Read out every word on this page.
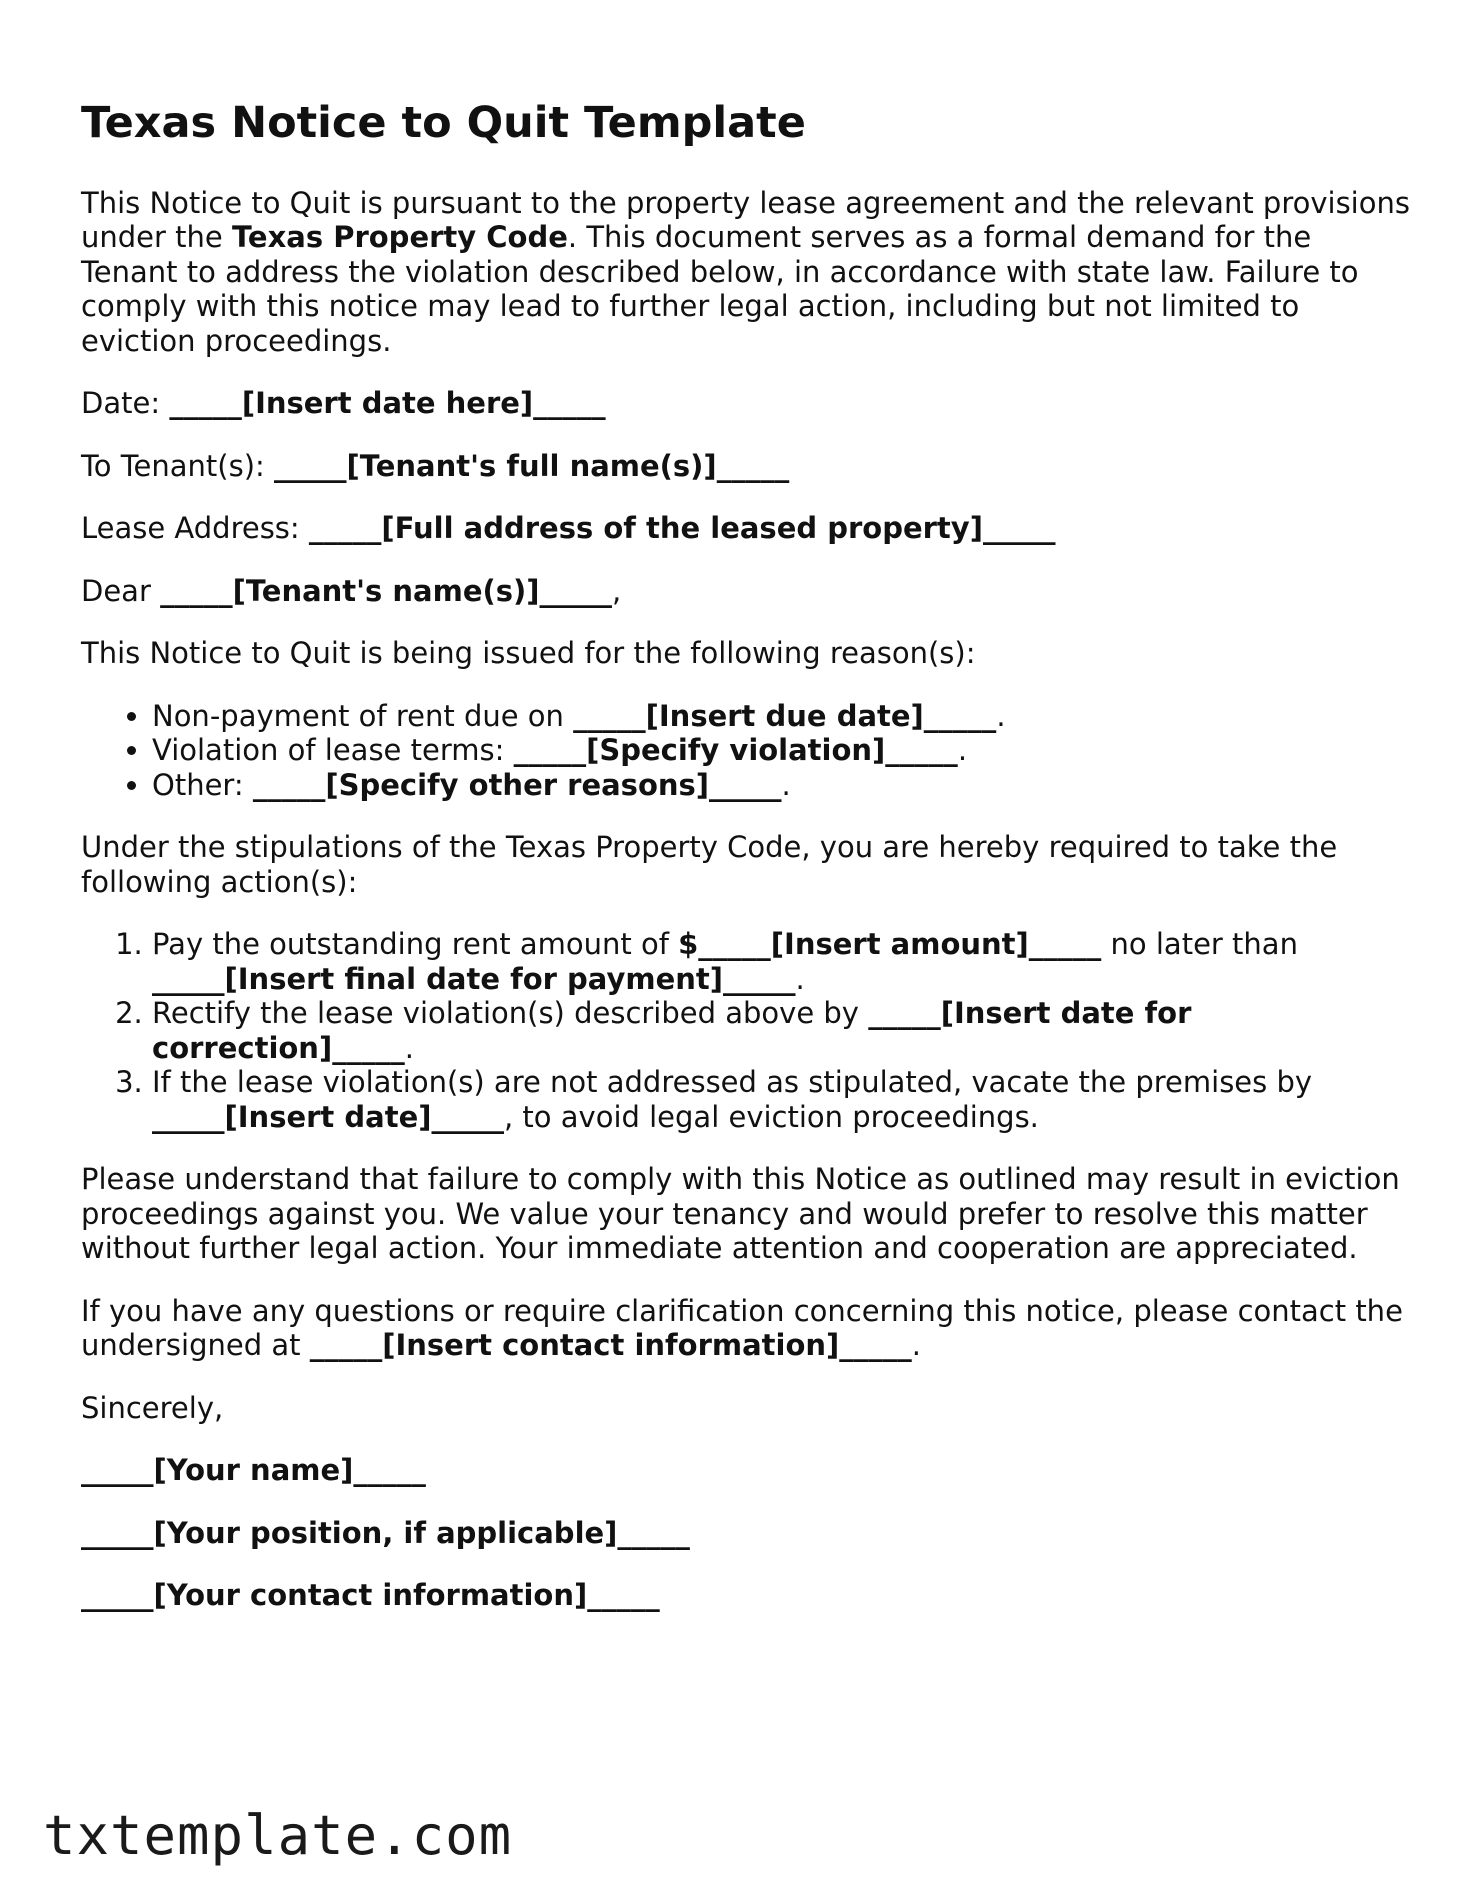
Texas Notice to Quit Template

This Notice to Quit is pursuant to the property lease agreement and the relevant provisions under the Texas Property Code. This document serves as a formal demand for the Tenant to address the violation described below, in accordance with state law. Failure to comply with this notice may lead to further legal action, including but not limited to eviction proceedings.

Date: _____[Insert date here]_____

To Tenant(s): _____[Tenant's full name(s)]_____

Lease Address: _____[Full address of the leased property]_____

Dear _____[Tenant's name(s)]_____,

This Notice to Quit is being issued for the following reason(s):

• Non-payment of rent due on _____[Insert due date]_____.
• Violation of lease terms: _____[Specify violation]_____.
• Other: _____[Specify other reasons]_____.

Under the stipulations of the Texas Property Code, you are hereby required to take the following action(s):

1. Pay the outstanding rent amount of $_____[Insert amount]_____ no later than _____[Insert final date for payment]_____.
2. Rectify the lease violation(s) described above by _____[Insert date for correction]_____.
3. If the lease violation(s) are not addressed as stipulated, vacate the premises by _____[Insert date]_____, to avoid legal eviction proceedings.

Please understand that failure to comply with this Notice as outlined may result in eviction proceedings against you. We value your tenancy and would prefer to resolve this matter without further legal action. Your immediate attention and cooperation are appreciated.

If you have any questions or require clarification concerning this notice, please contact the undersigned at _____[Insert contact information]_____.

Sincerely,

_____[Your name]_____

_____[Your position, if applicable]_____

_____[Your contact information]_____

txtemplate.com
